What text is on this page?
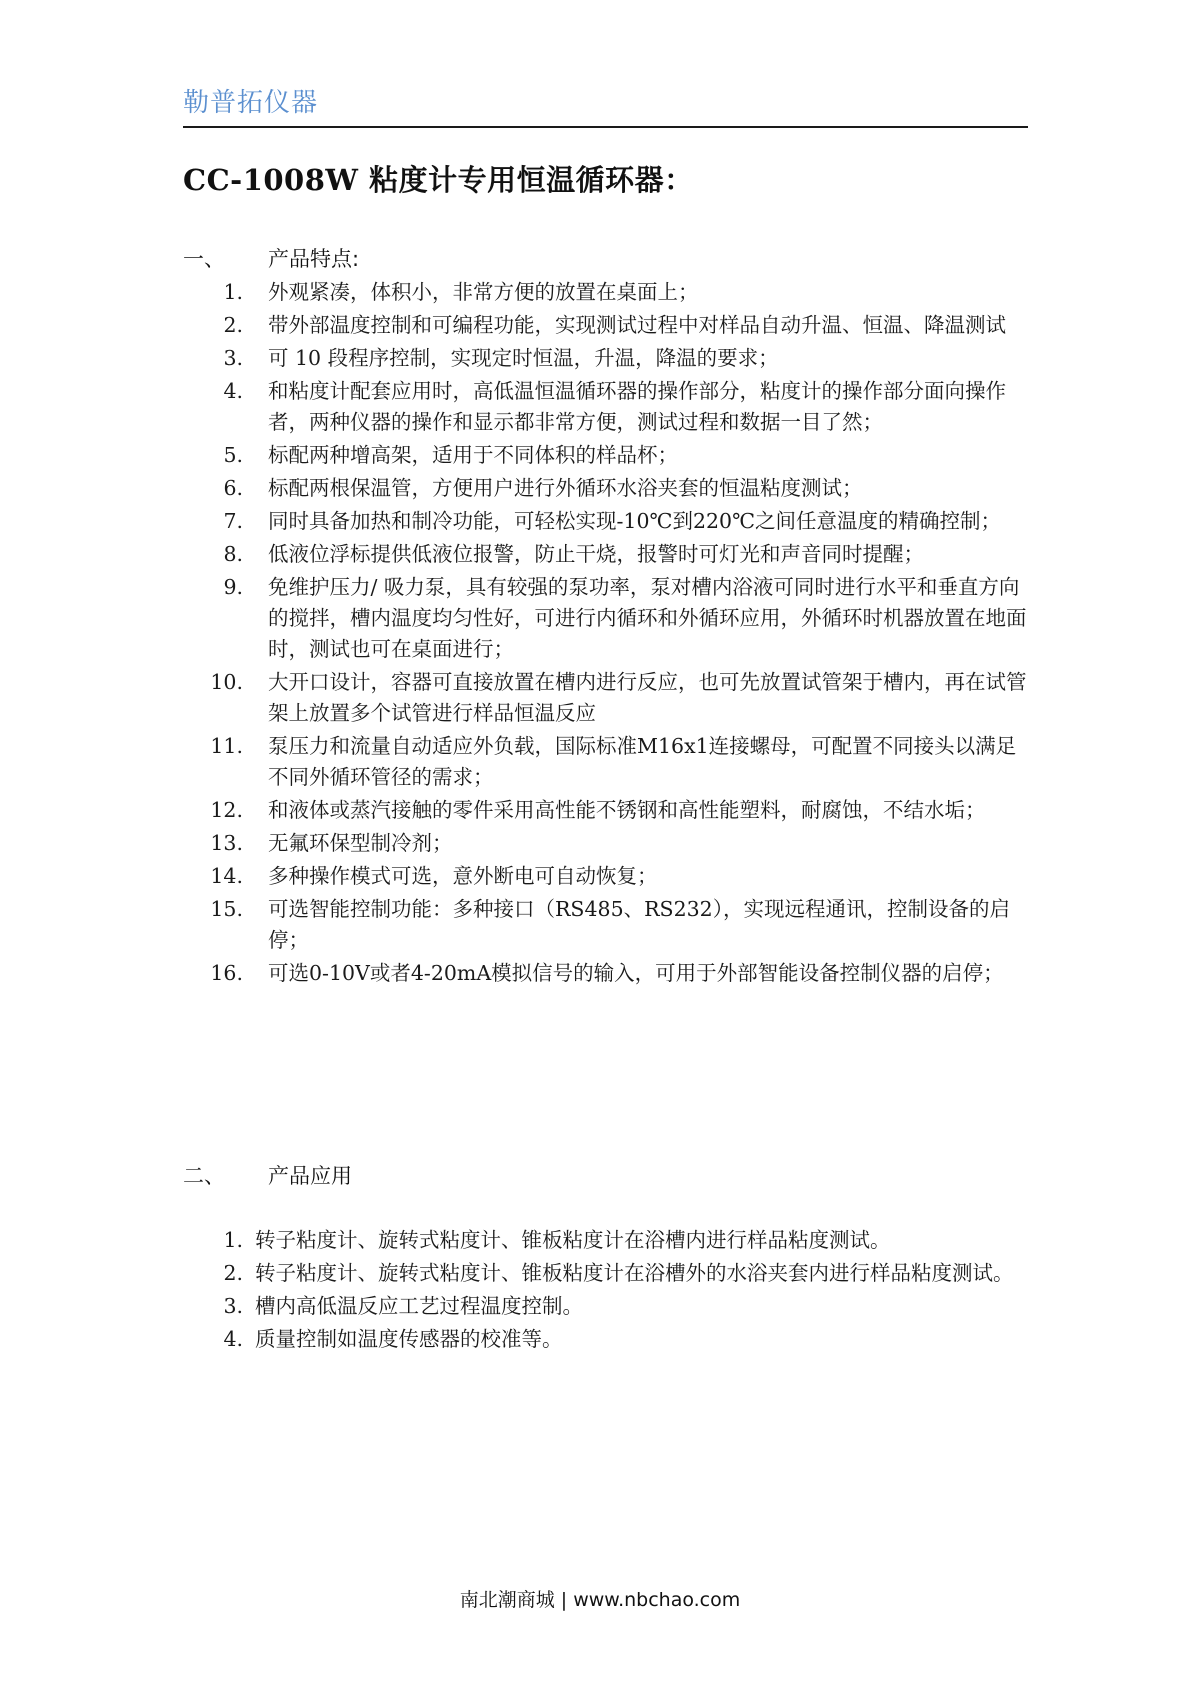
勒普拓仪器
CC-1008W 粘度计专用恒温循环器：
一、 产品特点:
1. 外观紧凑，体积小，非常方便的放置在桌面上；
2. 带外部温度控制和可编程功能，实现测试过程中对样品自动升温、恒温、降温测试
3. 可 10 段程序控制，实现定时恒温，升温，降温的要求；
4. 和粘度计配套应用时，高低温恒温循环器的操作部分，粘度计的操作部分面向操作者，两种仪器的操作和显示都非常方便，测试过程和数据一目了然；
5. 标配两种增高架，适用于不同体积的样品杯；
6. 标配两根保温管，方便用户进行外循环水浴夹套的恒温粘度测试；
7. 同时具备加热和制冷功能，可轻松实现-10℃到220℃之间任意温度的精确控制；
8. 低液位浮标提供低液位报警，防止干烧，报警时可灯光和声音同时提醒；
9. 免维护压力/ 吸力泵，具有较强的泵功率，泵对槽内浴液可同时进行水平和垂直方向的搅拌，槽内温度均匀性好，可进行内循环和外循环应用，外循环时机器放置在地面时，测试也可在桌面进行；
10. 大开口设计，容器可直接放置在槽内进行反应，也可先放置试管架于槽内，再在试管架上放置多个试管进行样品恒温反应
11. 泵压力和流量自动适应外负载，国际标准M16x1连接螺母，可配置不同接头以满足不同外循环管径的需求；
12. 和液体或蒸汽接触的零件采用高性能不锈钢和高性能塑料，耐腐蚀，不结水垢；
13. 无氟环保型制冷剂；
14. 多种操作模式可选，意外断电可自动恢复；
15. 可选智能控制功能：多种接口（RS485、RS232），实现远程通讯，控制设备的启停；
16. 可选0-10V或者4-20mA模拟信号的输入，可用于外部智能设备控制仪器的启停；
二、 产品应用
1. 转子粘度计、旋转式粘度计、锥板粘度计在浴槽内进行样品粘度测试。
2. 转子粘度计、旋转式粘度计、锥板粘度计在浴槽外的水浴夹套内进行样品粘度测试。
3. 槽内高低温反应工艺过程温度控制。
4. 质量控制如温度传感器的校准等。
南北潮商城 | www.nbchao.com
